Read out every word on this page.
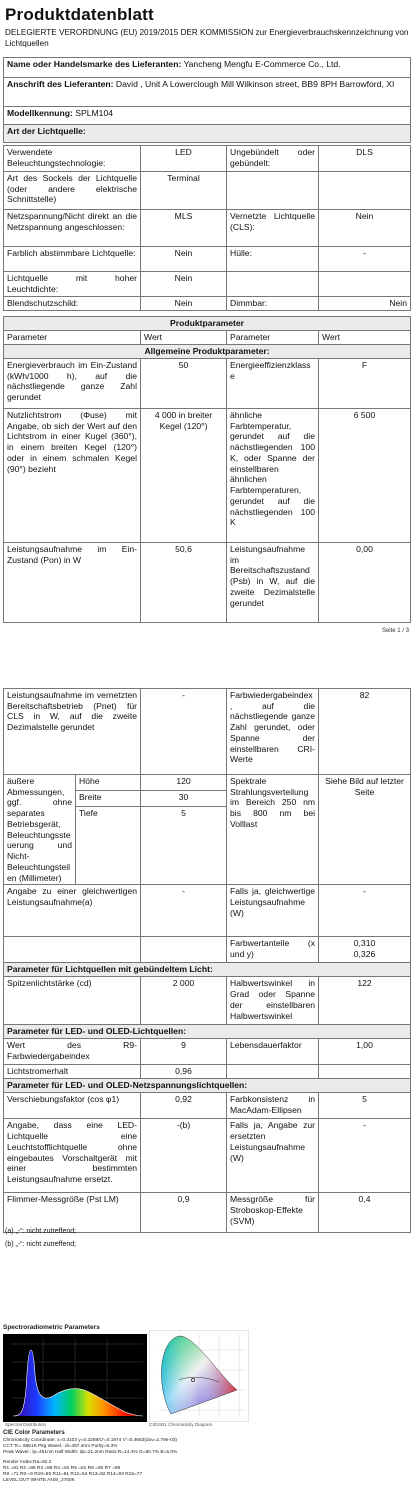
Produktdatenblatt
DELEGIERTE VERORDNUNG (EU) 2019/2015 DER KOMMISSION zur Energieverbrauchskennzeichnung von Lichtquellen
Name oder Handelsmarke des Lieferanten: Yancheng Mengfu E-Commerce Co., Ltd.
Anschrift des Lieferanten: David , Unit A Lowerclough Mill Wilkinson street, BB9 8PH Barrowford, XI
Modellkennung: SPLM104
Art der Lichtquelle:
Verwendete Beleuchtungstechnologie:	LED	Ungebündelt oder gebündelt:	DLS
Art des Sockels der Lichtquelle (oder andere elektrische Schnittstelle)	Terminal		
Netzspannung/Nicht direkt an die Netzspannung angeschlossen:	MLS	Vernetzte Lichtquelle (CLS):	Nein
Farblich abstimmbare Lichtquelle:	Nein	Hülle:	-
Lichtquelle mit hoher Leuchtdichte:	Nein		
Blendschutzschild:	Nein	Dimmbar:	Nein
Produktparameter			
Parameter	Wert	Parameter	Wert
Allgemeine Produktparameter:			
Energieverbrauch im Ein-Zustand (kWh/1000 h), auf die nächstliegende ganze Zahl gerundet	50	Energieeffizienzklasse	F
Nutzlichtstrom (Φuse) mit Angabe, ob sich der Wert auf den Lichtstrom in einer Kugel (360°), in einem breiten Kegel (120°) oder in einem schmalen Kegel (90°) bezieht	4 000 in breiter Kegel (120°)	ähnliche Farbtemperatur, gerundet auf die nächstliegenden 100 K, oder Spanne der einstellbaren ähnlichen Farbtemperaturen, gerundet auf die nächstliegenden 100 K	6 500
Leistungsaufnahme im Ein-Zustand (Pon) in W	50,6	Leistungsaufnahme im Bereitschaftszustand (Psb) in W, auf die zweite Dezimalstelle gerundet	0,00
Seite 1 / 3
Leistungsaufnahme im vernetzten Bereitschaftsbetrieb (Pnet) für CLS in W, auf die zweite Dezimalstelle gerundet		-	Farbwiedergabeindex, auf die nächstliegende ganze Zahl gerundet, oder Spanne der einstellbaren CRI-Werte	82
äußere Abmessungen, ggf. ohne separates Betriebsgerät, Beleuchtungssteuerung und Nicht-Beleuchtungsteilen (Millimeter)	Höhe	120	Spektrale Strahlungsverteilung im Bereich 250 nm bis 800 nm bei Volllast	Siehe Bild auf letzter Seite
	Breite	30		
	Tiefe	5		
Angabe zu einer gleichwertigen Leistungsaufnahme(a)		-	Falls ja, gleichwertige Leistungsaufnahme (W)	-
			Farbwertanteile (x und y)	0,310
0,326
Parameter für Lichtquellen mit gebündeltem Licht:				
Spitzenlichtstärke (cd)		2 000	Halbwertswinkel in Grad oder Spanne der einstellbaren Halbwertswinkel	122
Parameter für LED- und OLED-Lichtquellen:				
Wert des R9-Farbwiedergabeindex		9	Lebensdauerfaktor	1,00
Lichtstromerhalt		0,96		
Parameter für LED- und OLED-Netzspannungslichtquellen:				
Verschiebungsfaktor (cos φ1)		0,92	Farbkonsistenz in MacAdam-Ellipsen	5
Angabe, dass eine LED-Lichtquelle eine Leuchtstofflichtquelle ohne eingebautes Vorschaltgerät mit einer bestimmten Leistungsaufnahme ersetzt.		-(b)	Falls ja, Angabe zur ersetzten Leistungsaufnahme (W)	-
Flimmer-Messgröße (Pst LM)		0,9	Messgröße für Stroboskop-Effekte (SVM)	0,4
(a) „-“: nicht zutreffend;
(b) „-“: nicht zutreffend;
Spectroradiometric Parameters
Spectral Distribution	CIE1931 Chromaticity Diagram
CIE Color Parameters
Chromaticity Coordinate: x=0.3103 y=0.3259/U'=0.1974 V'=0.4663(duv=2.78e-03)
CCT Tc= 6651K Pkg Wavel.: dl=487.4nm Purity=6.3%
Peak Wavel.: lp=451nm Half Width: dp=21.2nm Ratio:R=14.4% G=80.7% B=5.0%
Render Index:Ra=82.2
R1 =81 R2 =86 R3 =88 R4 =82 R5 =81 R6 =80 R7 =88
R8 =71 R9 =9 R10=65 R11=81 R12=54 R13=82 R14=93 R15=77
LEVEL:OUT WHITE ANSI_2700K
